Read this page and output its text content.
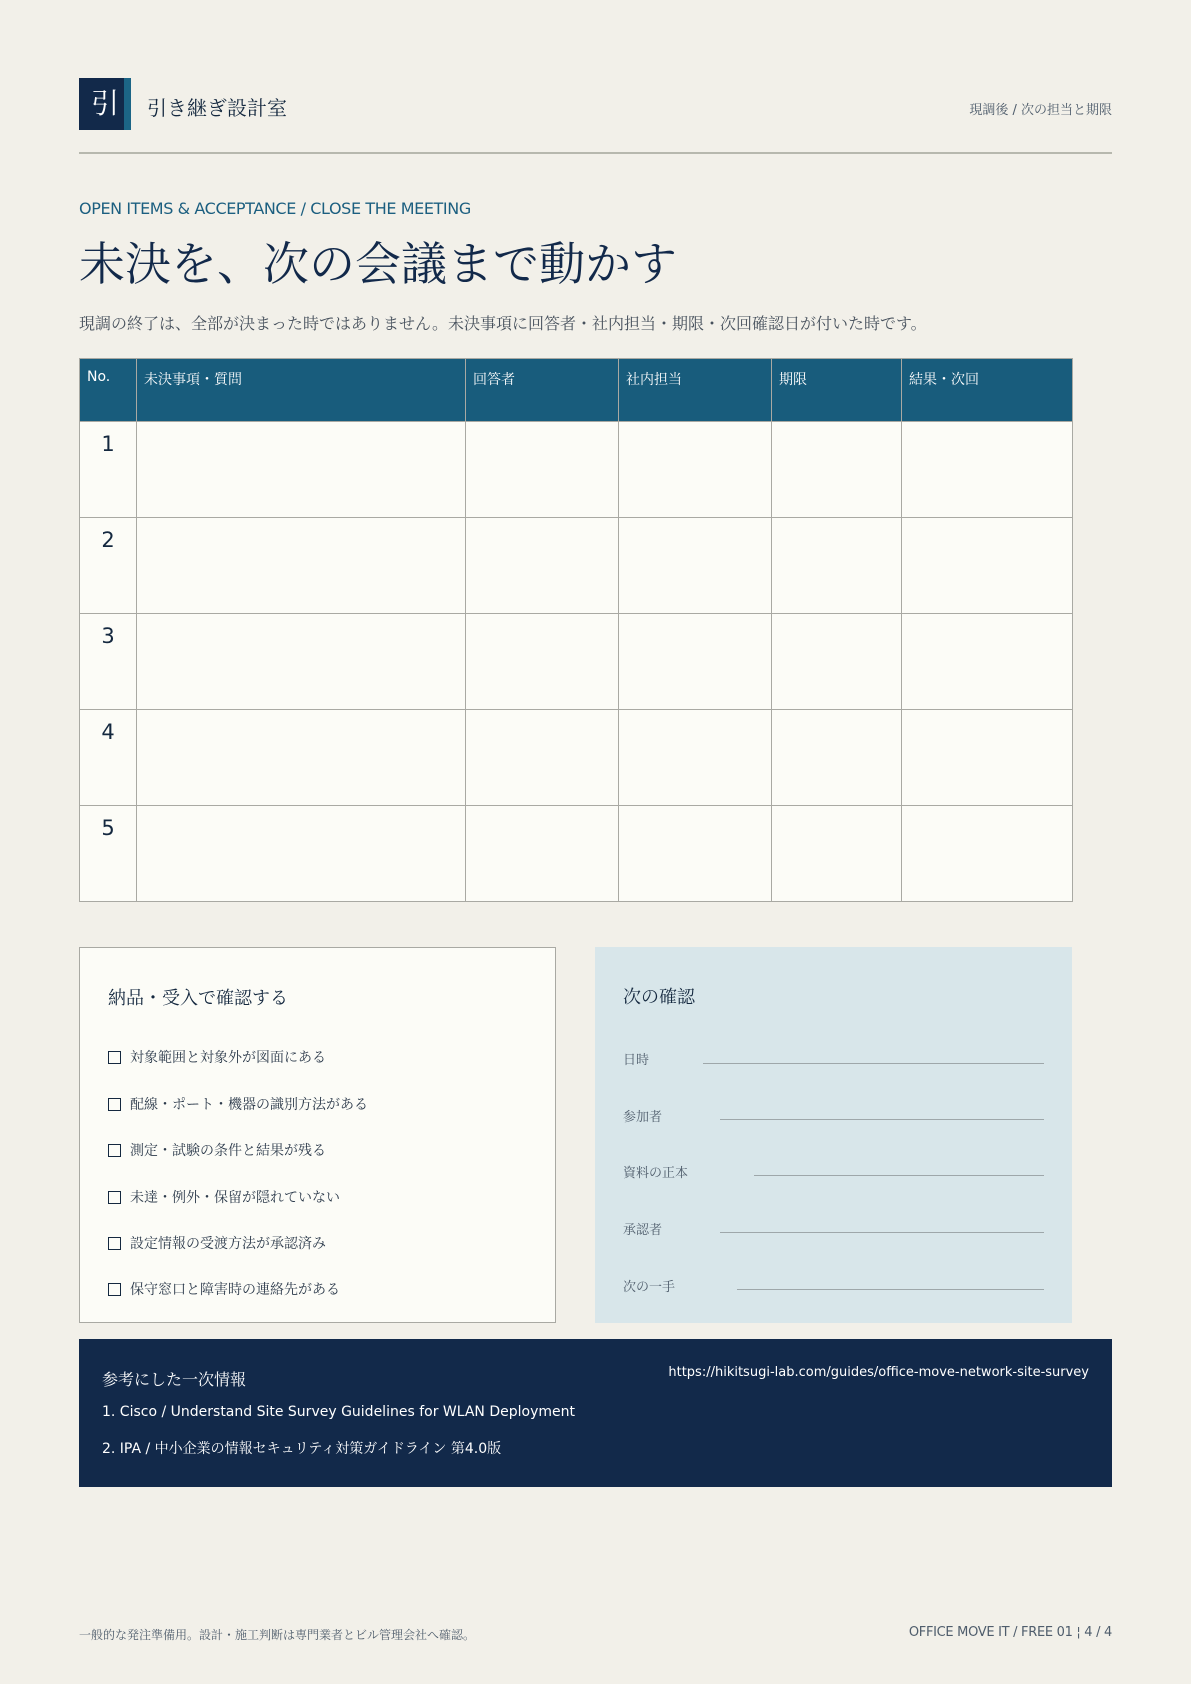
引	引き継ぎ設計室	現調後 / 次の担当と期限
OPEN ITEMS & ACCEPTANCE / CLOSE THE MEETING
未決を、次の会議まで動かす
現調の終了は、全部が決まった時ではありません。未決事項に回答者・社内担当・期限・次回確認日が付いた時です。
No.	未決事項・質問	回答者	社内担当	期限	結果・次回
1					
2					
3					
4					
5					
納品・受入で確認する
対象範囲と対象外が図面にある
配線・ポート・機器の識別方法がある
測定・試験の条件と結果が残る
未達・例外・保留が隠れていない
設定情報の受渡方法が承認済み
保守窓口と障害時の連絡先がある
次の確認
日時
参加者
資料の正本
承認者
次の一手
参考にした一次情報	https://hikitsugi-lab.com/guides/office-move-network-site-survey
1. Cisco / Understand Site Survey Guidelines for WLAN Deployment
2. IPA / 中小企業の情報セキュリティ対策ガイドライン 第4.0版
一般的な発注準備用。設計・施工判断は専門業者とビル管理会社へ確認。	OFFICE MOVE IT / FREE 01 ¦ 4 / 4
